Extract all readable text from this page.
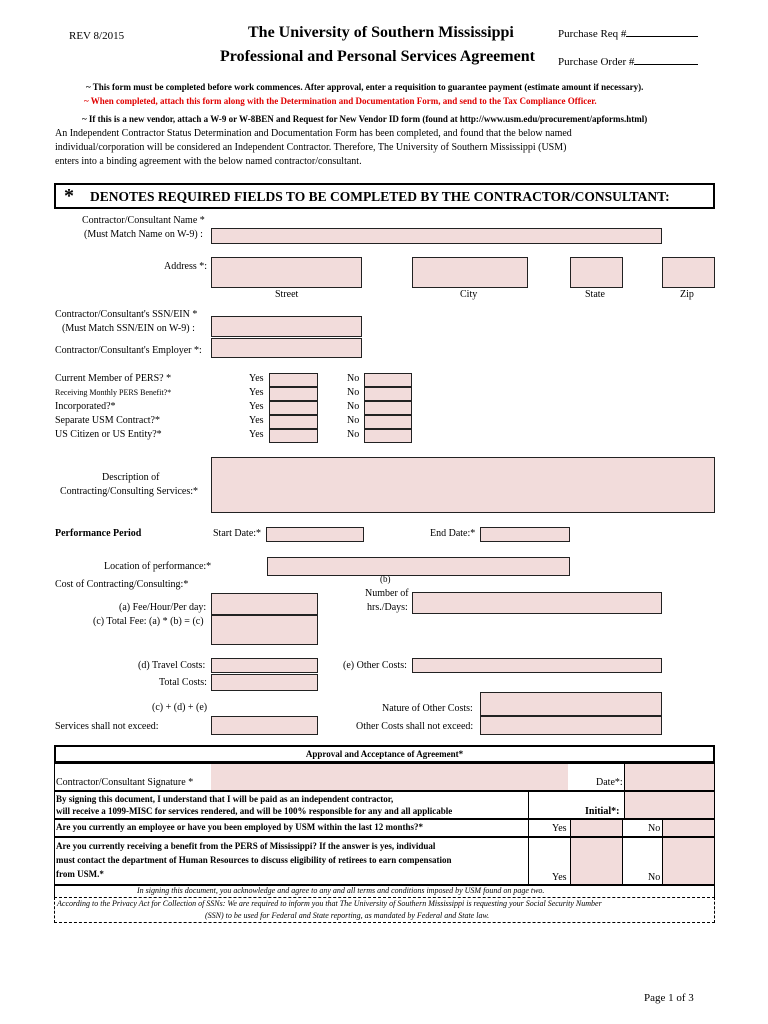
REV 8/2015	The University of Southern Mississippi
Professional and Personal Services Agreement
Purchase Req #
Purchase Order #
~ This form must be completed before work commences. After approval, enter a requisition to guarantee payment (estimate amount if necessary).
~ When completed, attach this form along with the Determination and Documentation Form, and send to the Tax Compliance Officer.
~ If this is a new vendor, attach a W-9 or W-8BEN and Request for New Vendor ID form (found at http://www.usm.edu/procurement/apforms.html)
An Independent Contractor Status Determination and Documentation Form has been completed, and found that the below named
individual/corporation will be considered an Independent Contractor. Therefore, The University of Southern Mississippi (USM)
enters into a binding agreement with the below named contractor/consultant.
* DENOTES REQUIRED FIELDS TO BE COMPLETED BY THE CONTRACTOR/CONSULTANT:
Contractor/Consultant Name *
(Must Match Name on W-9) :
Address *:
Street	City	State	Zip
Contractor/Consultant's SSN/EIN *
(Must Match SSN/EIN on W-9) :
Contractor/Consultant's Employer *:
Current Member of PERS? *	Yes	No
Receiving Monthly PERS Benefit?*	Yes	No
Incorporated?*	Yes	No
Separate USM Contract?*	Yes	No
US Citizen or US Entity?*	Yes	No
Description of
Contracting/Consulting Services:*
Performance Period	Start Date:*	End Date:*
Location of performance:*
Cost of Contracting/Consulting:*	(b)
Number of
hrs./Days:
(a) Fee/Hour/Per day:
(c) Total Fee: (a) * (b) = (c)
(d) Travel Costs:	(e) Other Costs:
Total Costs:
(c) + (d) + (e)	Nature of Other Costs:
Services shall not exceed:	Other Costs shall not exceed:
Approval and Acceptance of Agreement*
Contractor/Consultant Signature *	Date*:
By signing this document, I understand that I will be paid as an independent contractor,
will receive a 1099-MISC for services rendered, and will be 100% responsible for any and all applicable	Initial*:
Are you currently an employee or have you been employed by USM within the last 12 months?*	Yes	No
Are you currently receiving a benefit from the PERS of Mississippi? If the answer is yes, individual
must contact the department of Human Resources to discuss eligibility of retirees to earn compensation
from USM.*	Yes	No
In signing this document, you acknowledge and agree to any and all terms and conditions imposed by USM found on page two.
According to the Privacy Act for Collection of SSNs: We are required to inform you that The University of Southern Mississippi is requesting your Social Security Number
(SSN) to be used for Federal and State reporting, as mandated by Federal and State law.
Page 1 of 3
